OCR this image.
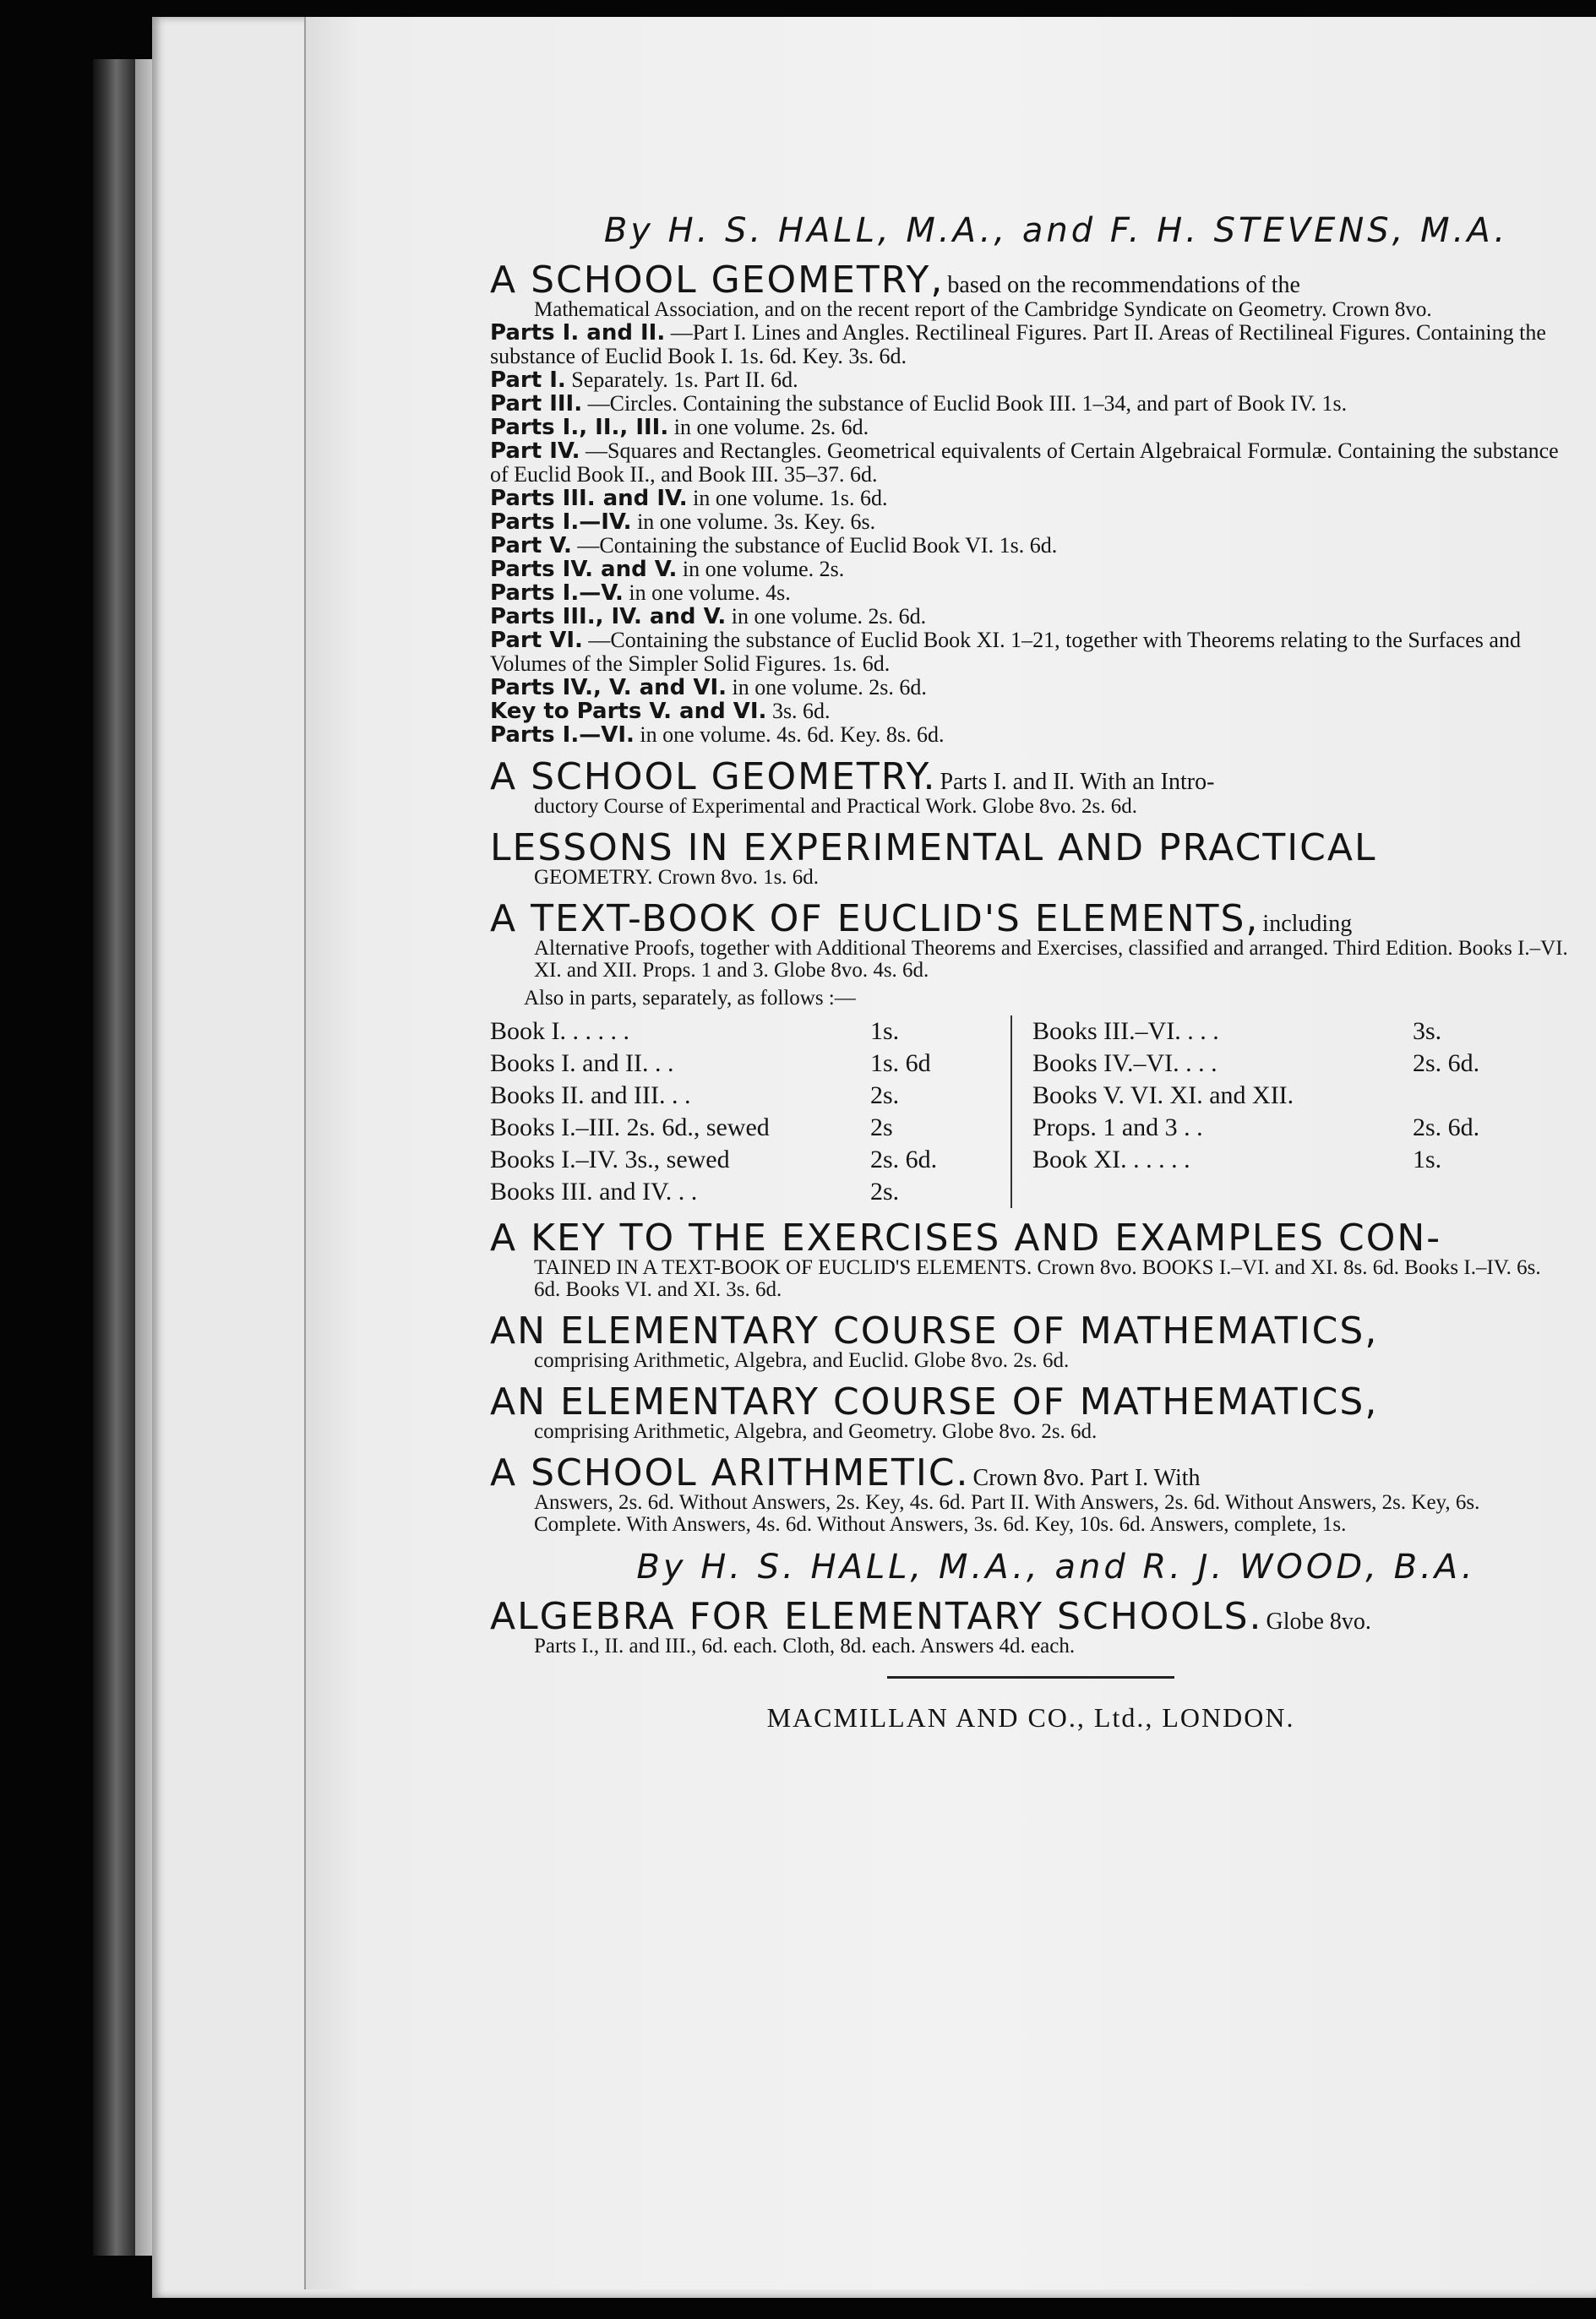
By H. S. HALL, M.A., and F. H. STEVENS, M.A.
A SCHOOL GEOMETRY, based on the recommendations of the
Mathematical Association, and on the recent report of the Cambridge Syndicate on Geometry. Crown 8vo.
Parts I. and II. —Part I. Lines and Angles. Rectilineal Figures. Part II. Areas of Rectilineal Figures. Containing the substance of Euclid Book I. 1s. 6d. Key. 3s. 6d.
Part I. Separately. 1s. Part II. 6d.
Part III. —Circles. Containing the substance of Euclid Book III. 1–34, and part of Book IV. 1s.
Parts I., II., III. in one volume. 2s. 6d.
Part IV. —Squares and Rectangles. Geometrical equivalents of Certain Algebraical Formulæ. Containing the substance of Euclid Book II., and Book III. 35–37. 6d.
Parts III. and IV. in one volume. 1s. 6d.
Parts I.—IV. in one volume. 3s. Key. 6s.
Part V. —Containing the substance of Euclid Book VI. 1s. 6d.
Parts IV. and V. in one volume. 2s.
Parts I.—V. in one volume. 4s.
Parts III., IV. and V. in one volume. 2s. 6d.
Part VI. —Containing the substance of Euclid Book XI. 1–21, together with Theorems relating to the Surfaces and Volumes of the Simpler Solid Figures. 1s. 6d.
Parts IV., V. and VI. in one volume. 2s. 6d.
Key to Parts V. and VI. 3s. 6d.
Parts I.—VI. in one volume. 4s. 6d. Key. 8s. 6d.
A SCHOOL GEOMETRY. Parts I. and II. With an Intro-
ductory Course of Experimental and Practical Work. Globe 8vo. 2s. 6d.
LESSONS IN EXPERIMENTAL AND PRACTICAL
GEOMETRY. Crown 8vo. 1s. 6d.
A TEXT-BOOK OF EUCLID'S ELEMENTS, including
Alternative Proofs, together with Additional Theorems and Exercises, classified and arranged. Third Edition. Books I.–VI. XI. and XII. Props. 1 and 3. Globe 8vo. 4s. 6d.
Also in parts, separately, as follows :—
Book I. . . . . .	1s.
Books I. and II. . .	1s. 6d
Books II. and III. . .	2s.
Books I.–III. 2s. 6d., sewed	2s
Books I.–IV. 3s., sewed	2s. 6d.
Books III. and IV. . .	2s.
Books III.–VI. . . .	3s.
Books IV.–VI. . . .	2s. 6d.
Books V. VI. XI. and XII.
Props. 1 and 3 . .	2s. 6d.
Book XI. . . . . .	1s.
A KEY TO THE EXERCISES AND EXAMPLES CON-
TAINED IN A TEXT-BOOK OF EUCLID'S ELEMENTS. Crown 8vo. BOOKS I.–VI. and XI. 8s. 6d. Books I.–IV. 6s. 6d. Books VI. and XI. 3s. 6d.
AN ELEMENTARY COURSE OF MATHEMATICS,
comprising Arithmetic, Algebra, and Euclid. Globe 8vo. 2s. 6d.
AN ELEMENTARY COURSE OF MATHEMATICS,
comprising Arithmetic, Algebra, and Geometry. Globe 8vo. 2s. 6d.
A SCHOOL ARITHMETIC. Crown 8vo. Part I. With
Answers, 2s. 6d. Without Answers, 2s. Key, 4s. 6d. Part II. With Answers, 2s. 6d. Without Answers, 2s. Key, 6s. Complete. With Answers, 4s. 6d. Without Answers, 3s. 6d. Key, 10s. 6d. Answers, complete, 1s.
By H. S. HALL, M.A., and R. J. WOOD, B.A.
ALGEBRA FOR ELEMENTARY SCHOOLS. Globe 8vo.
Parts I., II. and III., 6d. each. Cloth, 8d. each. Answers 4d. each.
MACMILLAN AND CO., Ltd., LONDON.
